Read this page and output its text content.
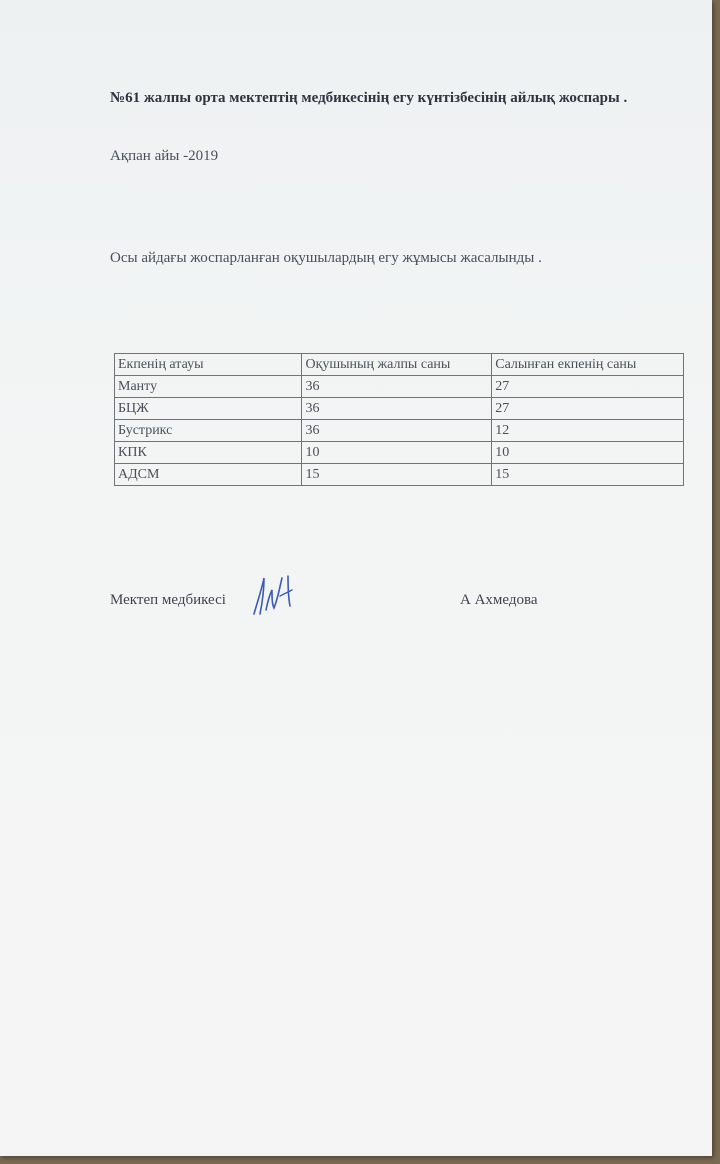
№61 жалпы орта мектептің медбикесінің егу күнтізбесінің айлық жоспары .

Ақпан айы -2019

Осы айдағы жоспарланған оқушылардың егу жұмысы жасалынды .

Екпенің атауы	Оқушының жалпы саны	Салынған екпенің саны
Манту	36	27
БЦЖ	36	27
Бустрикс	36	12
КПК	10	10
АДСМ	15	15
Мектеп медбикесі	А Ахмедова
